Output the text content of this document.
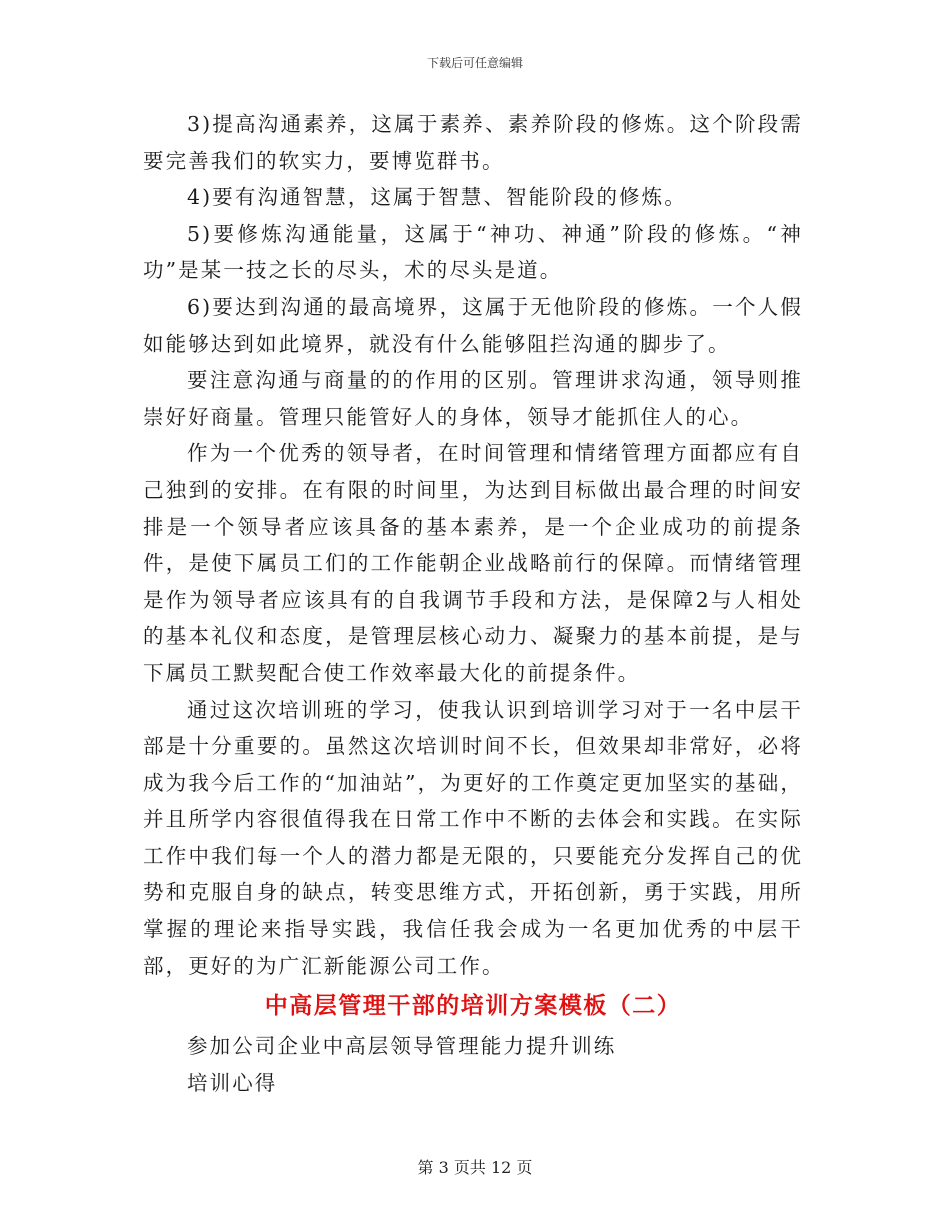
下载后可任意编辑

3)提高沟通素养，这属于素养、素养阶段的修炼。这个阶段需要完善我们的软实力，要博览群书。

4)要有沟通智慧，这属于智慧、智能阶段的修炼。

5)要修炼沟通能量，这属于“神功、神通”阶段的修炼。“神功”是某一技之长的尽头，术的尽头是道。

6)要达到沟通的最高境界，这属于无他阶段的修炼。一个人假如能够达到如此境界，就没有什么能够阻拦沟通的脚步了。

要注意沟通与商量的的作用的区别。管理讲求沟通，领导则推崇好好商量。管理只能管好人的身体，领导才能抓住人的心。

作为一个优秀的领导者，在时间管理和情绪管理方面都应有自己独到的安排。在有限的时间里，为达到目标做出最合理的时间安排是一个领导者应该具备的基本素养，是一个企业成功的前提条件，是使下属员工们的工作能朝企业战略前行的保障。而情绪管理是作为领导者应该具有的自我调节手段和方法，是保障2与人相处的基本礼仪和态度，是管理层核心动力、凝聚力的基本前提，是与下属员工默契配合使工作效率最大化的前提条件。

通过这次培训班的学习，使我认识到培训学习对于一名中层干部是十分重要的。虽然这次培训时间不长，但效果却非常好，必将成为我今后工作的“加油站”，为更好的工作奠定更加坚实的基础，并且所学内容很值得我在日常工作中不断的去体会和实践。在实际工作中我们每一个人的潜力都是无限的，只要能充分发挥自己的优势和克服自身的缺点，转变思维方式，开拓创新，勇于实践，用所掌握的理论来指导实践，我信任我会成为一名更加优秀的中层干部，更好的为广汇新能源公司工作。

中高层管理干部的培训方案模板（二）

参加公司企业中高层领导管理能力提升训练

培训心得

第 3 页共 12 页
